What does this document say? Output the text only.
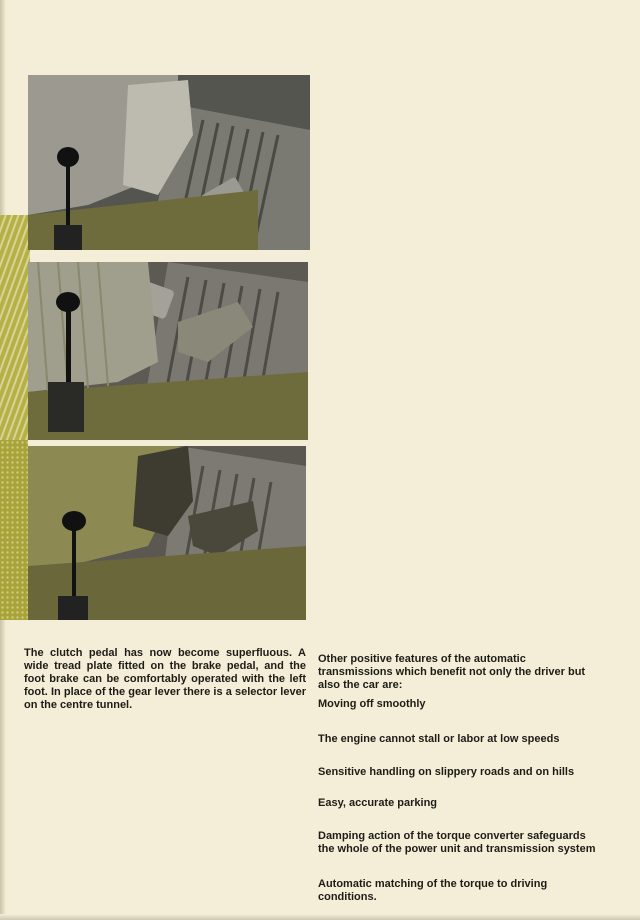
The clutch pedal has now become superfluous. A wide tread plate fitted on the brake pedal, and the foot brake can be comfortably operated with the left foot. In place of the gear lever there is a selector lever on the centre tunnel.

Other positive features of the automatic transmissions which benefit not only the driver but also the car are:

Moving off smoothly

The engine cannot stall or labor at low speeds

Sensitive handling on slippery roads and on hills

Easy, accurate parking

Damping action of the torque converter safeguards the whole of the power unit and transmission system

Automatic matching of the torque to driving conditions.
